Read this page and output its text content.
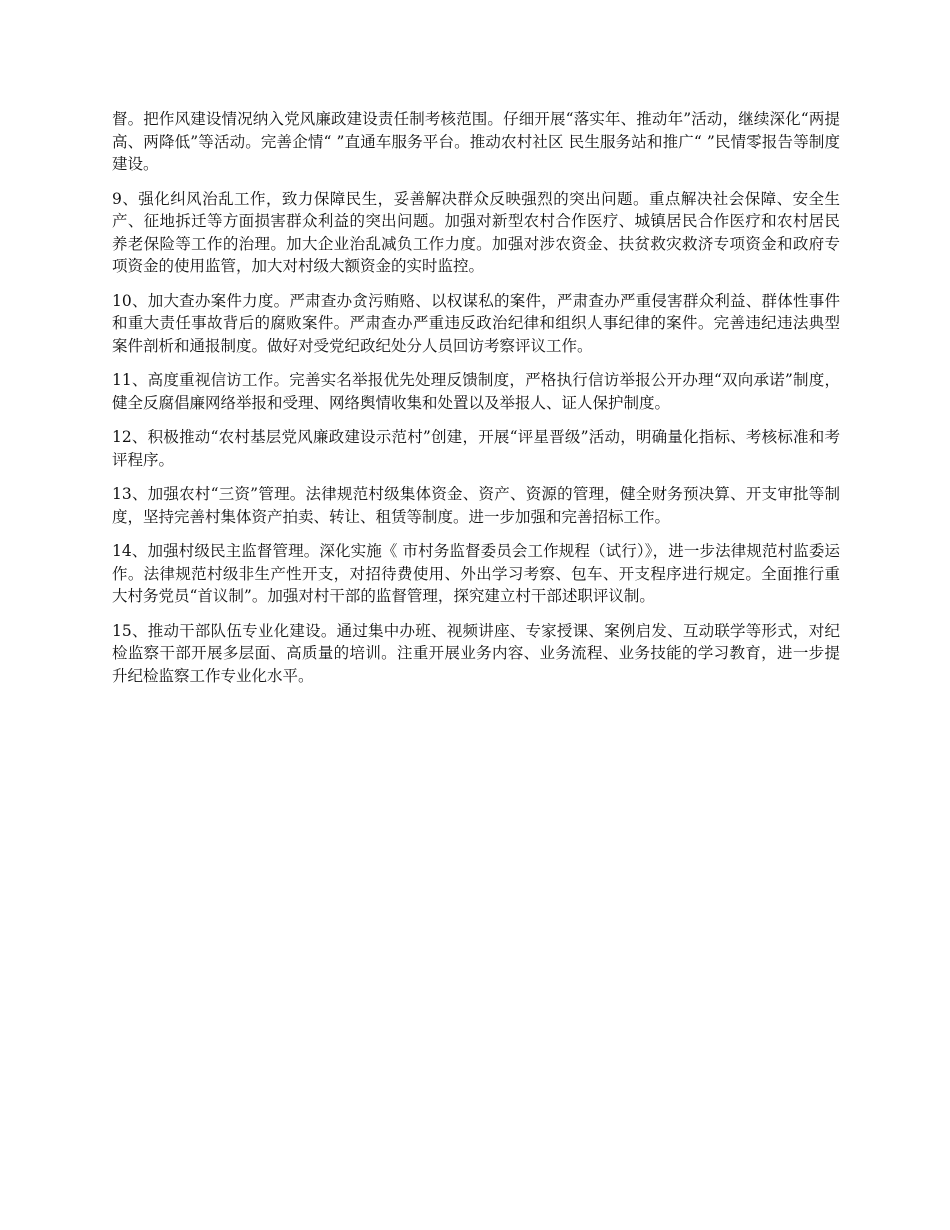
督。把作风建设情况纳入党风廉政建设责任制考核范围。仔细开展“落实年、推动年”活动，继续深化“两提高、两降低”等活动。完善企情“ ”直通车服务平台。推动农村社区 民生服务站和推广“ ”民情零报告等制度建设。

9、强化纠风治乱工作，致力保障民生，妥善解决群众反映强烈的突出问题。重点解决社会保障、安全生产、征地拆迁等方面损害群众利益的突出问题。加强对新型农村合作医疗、城镇居民合作医疗和农村居民养老保险等工作的治理。加大企业治乱减负工作力度。加强对涉农资金、扶贫救灾救济专项资金和政府专项资金的使用监管，加大对村级大额资金的实时监控。

10、加大查办案件力度。严肃查办贪污贿赂、以权谋私的案件，严肃查办严重侵害群众利益、群体性事件和重大责任事故背后的腐败案件。严肃查办严重违反政治纪律和组织人事纪律的案件。完善违纪违法典型案件剖析和通报制度。做好对受党纪政纪处分人员回访考察评议工作。

11、高度重视信访工作。完善实名举报优先处理反馈制度，严格执行信访举报公开办理“双向承诺”制度，健全反腐倡廉网络举报和受理、网络舆情收集和处置以及举报人、证人保护制度。

12、积极推动“农村基层党风廉政建设示范村”创建，开展“评星晋级”活动，明确量化指标、考核标准和考评程序。

13、加强农村“三资”管理。法律规范村级集体资金、资产、资源的管理，健全财务预决算、开支审批等制度，坚持完善村集体资产拍卖、转让、租赁等制度。进一步加强和完善招标工作。

14、加强村级民主监督管理。深化实施《 市村务监督委员会工作规程（试行）》，进一步法律规范村监委运作。法律规范村级非生产性开支，对招待费使用、外出学习考察、包车、开支程序进行规定。全面推行重大村务党员“首议制”。加强对村干部的监督管理，探究建立村干部述职评议制。

15、推动干部队伍专业化建设。通过集中办班、视频讲座、专家授课、案例启发、互动联学等形式，对纪检监察干部开展多层面、高质量的培训。注重开展业务内容、业务流程、业务技能的学习教育，进一步提升纪检监察工作专业化水平。
